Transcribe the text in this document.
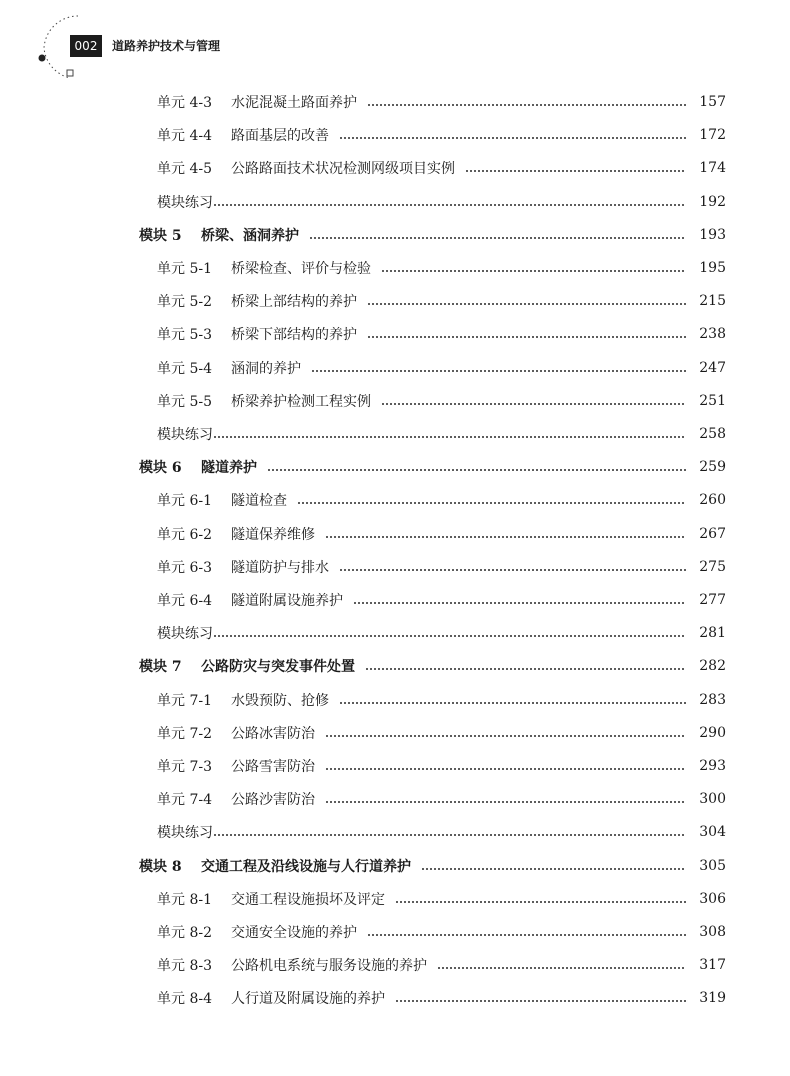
002	道路养护技术与管理
单元 4-3 水泥混凝土路面养护	157
单元 4-4 路面基层的改善	172
单元 4-5 公路路面技术状况检测网级项目实例	174
模块练习	192
模块 5 桥梁、涵洞养护	193
单元 5-1 桥梁检查、评价与检验	195
单元 5-2 桥梁上部结构的养护	215
单元 5-3 桥梁下部结构的养护	238
单元 5-4 涵洞的养护	247
单元 5-5 桥梁养护检测工程实例	251
模块练习	258
模块 6 隧道养护	259
单元 6-1 隧道检查	260
单元 6-2 隧道保养维修	267
单元 6-3 隧道防护与排水	275
单元 6-4 隧道附属设施养护	277
模块练习	281
模块 7 公路防灾与突发事件处置	282
单元 7-1 水毁预防、抢修	283
单元 7-2 公路冰害防治	290
单元 7-3 公路雪害防治	293
单元 7-4 公路沙害防治	300
模块练习	304
模块 8 交通工程及沿线设施与人行道养护	305
单元 8-1 交通工程设施损坏及评定	306
单元 8-2 交通安全设施的养护	308
单元 8-3 公路机电系统与服务设施的养护	317
单元 8-4 人行道及附属设施的养护	319
